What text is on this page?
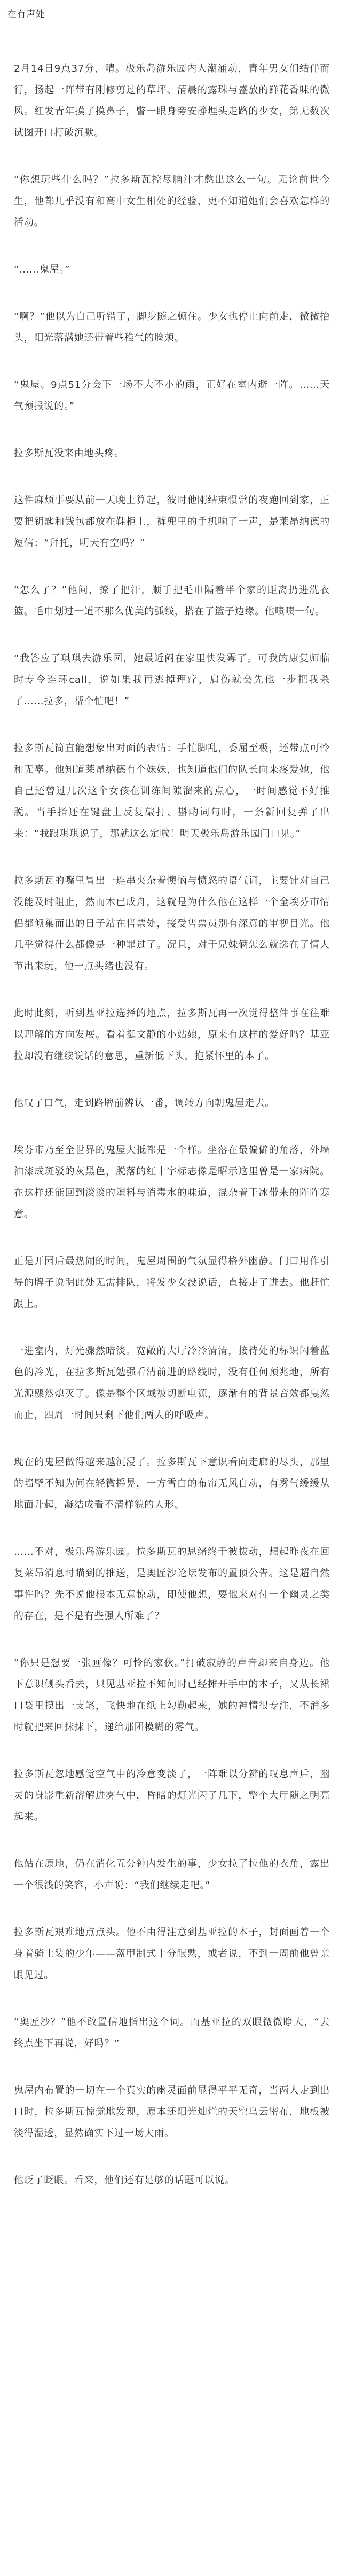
在有声处

2月14日9点37分，晴。极乐岛游乐园内人潮涌动，青年男女们结伴而行，扬起一阵带有刚修剪过的草坪、清晨的露珠与盛放的鲜花香味的微风。红发青年摸了摸鼻子，瞥一眼身旁安静埋头走路的少女，第无数次试图开口打破沉默。

“你想玩些什么吗？”拉多斯瓦控尽脑汁才憋出这么一句。无论前世今生，他都几乎没有和高中女生相处的经验，更不知道她们会喜欢怎样的活动。

“……鬼屋。”

“啊？”他以为自己听错了，脚步随之顿住。少女也停止向前走，微微抬头，阳光落满她还带着些稚气的脸颊。

“鬼屋。9点51分会下一场不大不小的雨，正好在室内避一阵。……天气预报说的。”

拉多斯瓦没来由地头疼。

这件麻烦事要从前一天晚上算起，彼时他刚结束惯常的夜跑回到家，正要把钥匙和钱包都放在鞋柜上，裤兜里的手机响了一声，是莱昂纳德的短信：“拜托，明天有空吗？”

“怎么了？”他问，撩了把汗，顺手把毛巾隔着半个家的距离扔进洗衣篮。毛巾划过一道不那么优美的弧线，搭在了篮子边缘。他啧啧一句。

“我答应了琪琪去游乐园，她最近闷在家里快发霉了。可我的康复师临时专令连环call，说如果我再逃掉理疗，肩伤就会先他一步把我杀了……拉多，帮个忙吧！”

拉多斯瓦简直能想象出对面的表情：手忙脚乱，委屈至极，还带点可怜和无辜。他知道莱昂纳德有个妹妹，也知道他们的队长向来疼爱她，他自己还曾过几次这个女孩在训练间隙溜来的点心，一时间感觉不好推脱。当手指还在键盘上反复敲打、斟酌词句时，一条新回复弹了出来：“我跟琪琪说了，那就这么定啦！明天极乐岛游乐园门口见。”

拉多斯瓦的嘴里冒出一连串夹杂着懊恼与愤怒的语气词，主要针对自己没能及时阻止，然而木已成舟，这就是为什么他在这样一个全埃芬市情侣都倾巢而出的日子站在售票处，接受售票员别有深意的审视目光。他几乎觉得什么都像是一种罪过了。况且，对于兄妹俩怎么就选在了情人节出来玩，他一点头绪也没有。

此时此刻，听到基亚拉选择的地点，拉多斯瓦再一次觉得整件事在往难以理解的方向发展。看着挺文静的小姑娘，原来有这样的爱好吗？基亚拉却没有继续说话的意思，重新低下头，抱紧怀里的本子。

他叹了口气，走到路牌前辨认一番，调转方向朝鬼屋走去。

埃芬市乃至全世界的鬼屋大抵都是一个样。坐落在最偏僻的角落，外墙油漆成斑驳的灰黑色，脱落的红十字标志像是昭示这里曾是一家病院。在这样还能回到淡淡的塑料与消毒水的味道，混杂着干冰带来的阵阵寒意。

正是开园后最热闹的时间，鬼屋周围的气氛显得格外幽静。门口用作引导的牌子说明此处无需排队，将发少女没说话，直接走了进去。他赶忙跟上。

一进室内，灯光骤然暗淡。宽敞的大厅冷冷清清，接待处的标识闪着蓝色的冷光，在拉多斯瓦勉强看清前进的路线时，没有任何预兆地，所有光源骤然熄灭了。像是整个区域被切断电源，逐渐有的背景音效都戛然而止，四周一时间只剩下他们两人的呼吸声。

现在的鬼屋做得越来越沉浸了。拉多斯瓦下意识看向走廊的尽头，那里的墙壁不知为何在轻微摇晃，一方雪白的布帘无风自动，有雾气缓缓从地面升起，凝结成看不清样貌的人形。

……不对，极乐岛游乐园。拉多斯瓦的思绪终于被拔动，想起昨夜在回复莱昂消息时瞄到的推送，是奥匠沙论坛发布的置顶公告。这是超自然事件吗？先不说他根本无意惊动，即使他想，要他来对付一个幽灵之类的存在，是不是有些强人所难了？

“你只是想要一张画像？可怜的家伙。”打破寂静的声音却来自身边。他下意识侧头看去，只见基亚拉不知何时已经摊开手中的本子，又从长裙口袋里摸出一支笔，飞快地在纸上勾勒起来，她的神情很专注，不消多时就把来回抹抹下，递给那团模糊的雾气。

拉多斯瓦忽地感觉空气中的冷意变淡了，一阵难以分辨的叹息声后，幽灵的身影重新溶解进雾气中，昏暗的灯光闪了几下，整个大厅随之明亮起来。

他站在原地，仍在消化五分钟内发生的事，少女拉了拉他的衣角，露出一个很浅的笑容，小声说：“我们继续走吧。”

拉多斯瓦艰难地点点头。他不由得注意到基亚拉的本子，封面画着一个身着骑士装的少年——盔甲制式十分眼熟，或者说，不到一周前他曾亲眼见过。

“奥匠沙？”他不敢置信地指出这个词。而基亚拉的双眼微微睁大，“去终点坐下再说，好吗？”

鬼屋内布置的一切在一个真实的幽灵面前显得平平无奇，当两人走到出口时，拉多斯瓦惊觉地发现，原本还阳光灿烂的天空乌云密布，地板被淡得湿透，显然确实下过一场大雨。

他眨了眨眼。看来，他们还有足够的话题可以说。
